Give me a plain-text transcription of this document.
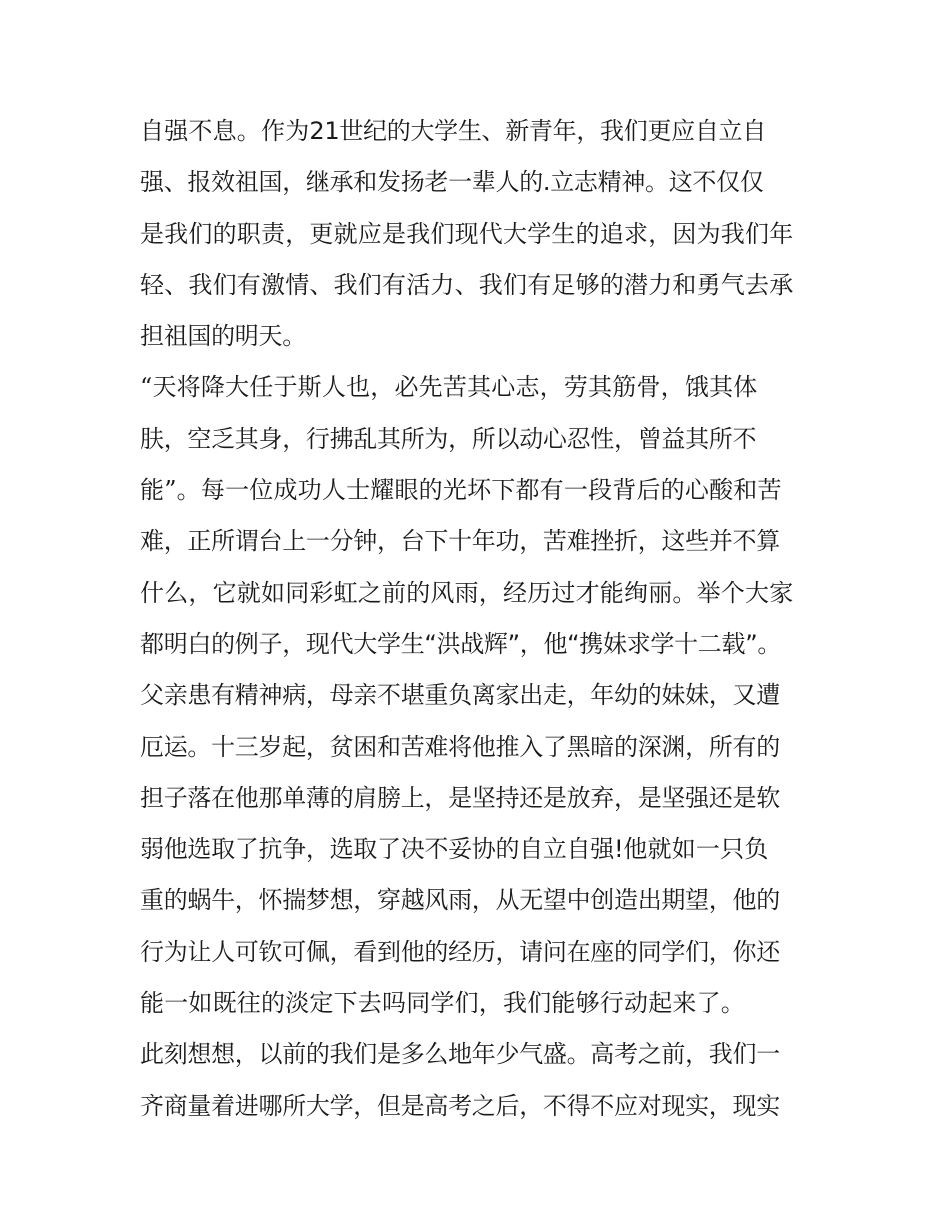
自强不息。作为21世纪的大学生、新青年，我们更应自立自
强、报效祖国，继承和发扬老一辈人的.立志精神。这不仅仅
是我们的职责，更就应是我们现代大学生的追求，因为我们年
轻、我们有激情、我们有活力、我们有足够的潜力和勇气去承
担祖国的明天。
“天将降大任于斯人也，必先苦其心志，劳其筋骨，饿其体
肤，空乏其身，行拂乱其所为，所以动心忍性，曾益其所不
能”。每一位成功人士耀眼的光坏下都有一段背后的心酸和苦
难，正所谓台上一分钟，台下十年功，苦难挫折，这些并不算
什么，它就如同彩虹之前的风雨，经历过才能绚丽。举个大家
都明白的例子，现代大学生“洪战辉”，他“携妹求学十二载”。
父亲患有精神病，母亲不堪重负离家出走，年幼的妹妹，又遭
厄运。十三岁起，贫困和苦难将他推入了黑暗的深渊，所有的
担子落在他那单薄的肩膀上，是坚持还是放弃，是坚强还是软
弱他选取了抗争，选取了决不妥协的自立自强!他就如一只负
重的蜗牛，怀揣梦想，穿越风雨，从无望中创造出期望，他的
行为让人可钦可佩，看到他的经历，请问在座的同学们，你还
能一如既往的淡定下去吗同学们，我们能够行动起来了。
此刻想想，以前的我们是多么地年少气盛。高考之前，我们一
齐商量着进哪所大学，但是高考之后，不得不应对现实，现实
